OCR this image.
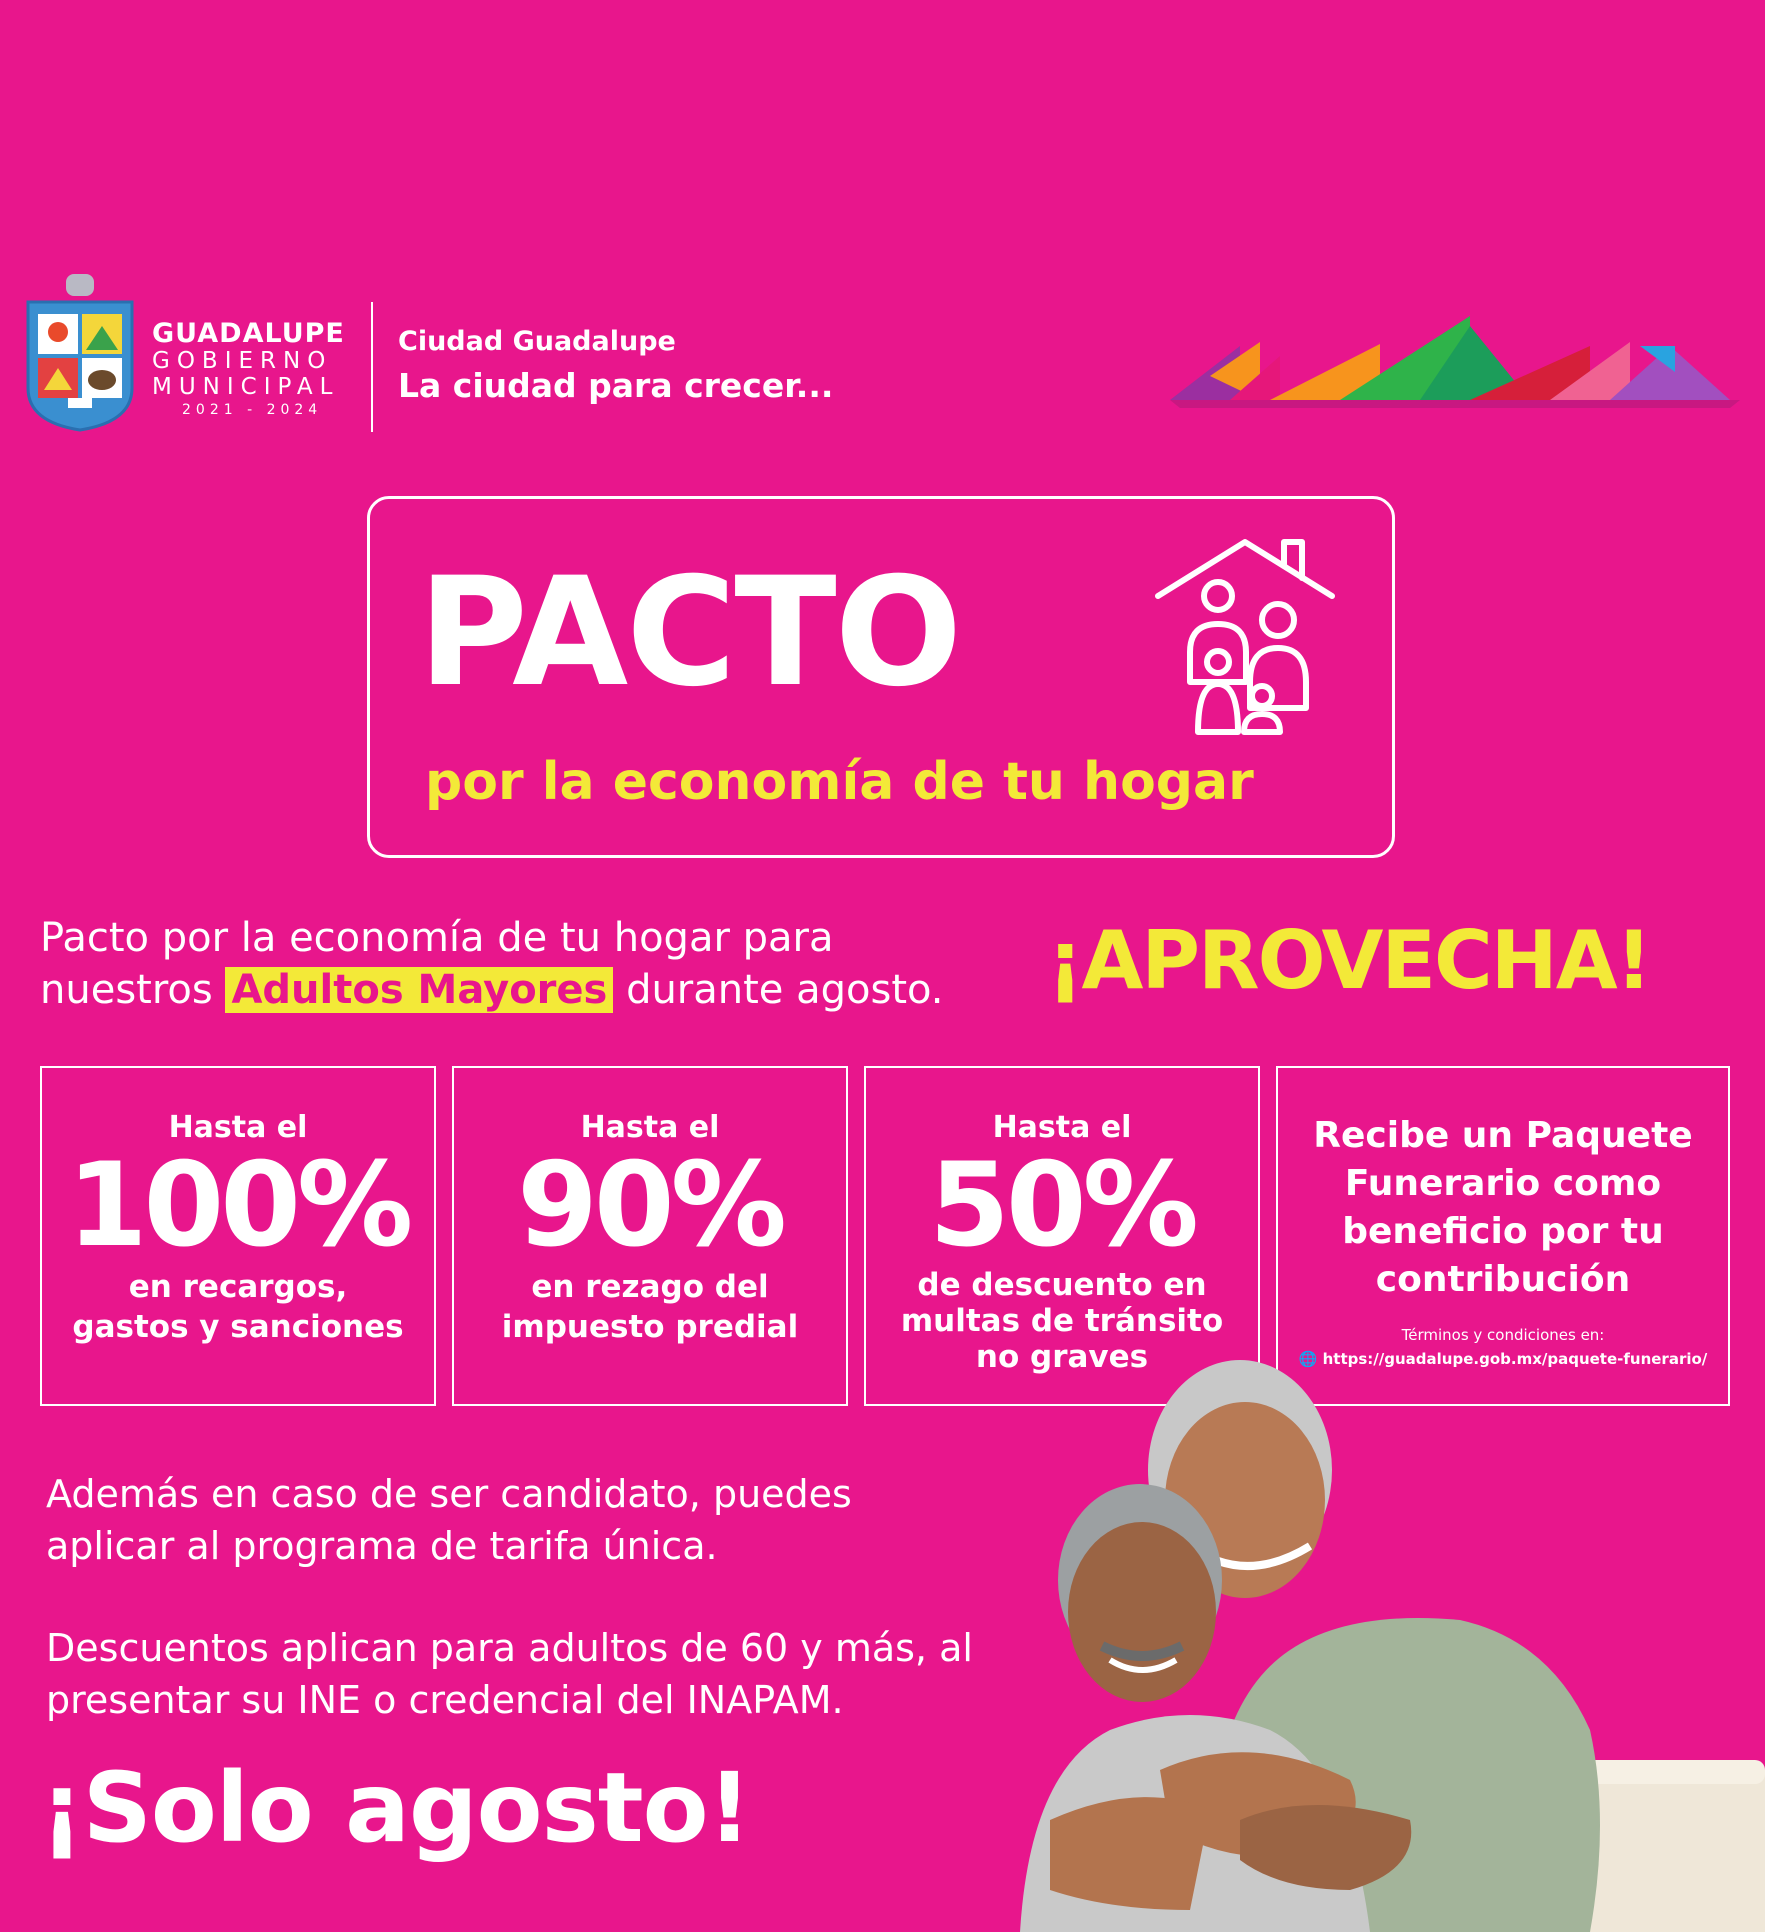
GUADALUPE
GOBIERNO
MUNICIPAL
2021 - 2024
Ciudad Guadalupe
La ciudad para crecer...
PACTO
por la economía de tu hogar
Pacto por la economía de tu hogar para
nuestros Adultos Mayores durante agosto. ¡APROVECHA!
Hasta el
100%
en recargos,
gastos y sanciones
Hasta el
90%
en rezago del
impuesto predial
Hasta el
50%
de descuento en
multas de tránsito
no graves
Recibe un Paquete
Funerario como
beneficio por tu
contribución
Términos y condiciones en:
🌐 https://guadalupe.gob.mx/paquete-funerario/
Además en caso de ser candidato, puedes
aplicar al programa de tarifa única.
Descuentos aplican para adultos de 60 y más, al
presentar su INE o credencial del INAPAM.
¡Solo agosto!
